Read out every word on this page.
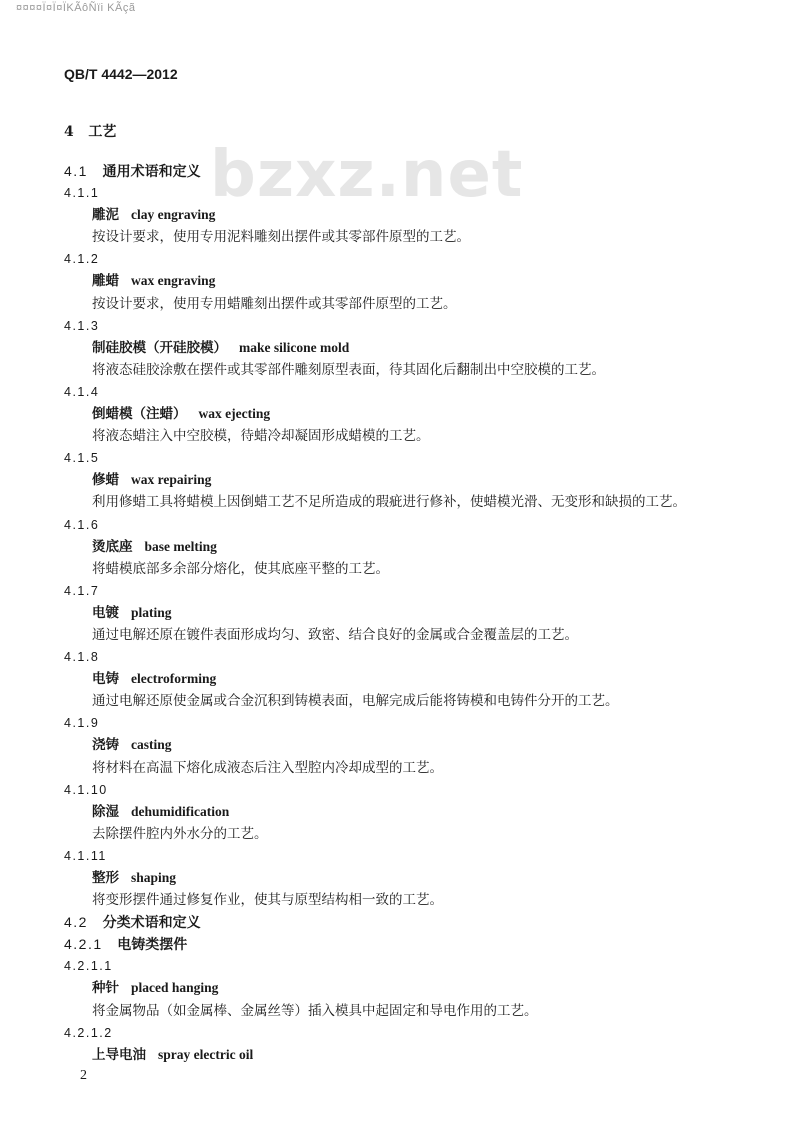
¤¤¤¤Ï¤Ï¤ÏKÃôÑïi KÃçã
QB/T 4442—2012
bzxz.net
4 工艺
4.1 通用术语和定义
4.1.1
雕泥 clay engraving
按设计要求，使用专用泥料雕刻出摆件或其零部件原型的工艺。
4.1.2
雕蜡 wax engraving
按设计要求，使用专用蜡雕刻出摆件或其零部件原型的工艺。
4.1.3
制硅胶模（开硅胶模） make silicone mold
将液态硅胶涂敷在摆件或其零部件雕刻原型表面，待其固化后翻制出中空胶模的工艺。
4.1.4
倒蜡模（注蜡） wax ejecting
将液态蜡注入中空胶模，待蜡冷却凝固形成蜡模的工艺。
4.1.5
修蜡 wax repairing
利用修蜡工具将蜡模上因倒蜡工艺不足所造成的瑕疵进行修补，使蜡模光滑、无变形和缺损的工艺。
4.1.6
烫底座 base melting
将蜡模底部多余部分熔化，使其底座平整的工艺。
4.1.7
电镀 plating
通过电解还原在镀件表面形成均匀、致密、结合良好的金属或合金覆盖层的工艺。
4.1.8
电铸 electroforming
通过电解还原使金属或合金沉积到铸模表面，电解完成后能将铸模和电铸件分开的工艺。
4.1.9
浇铸 casting
将材料在高温下熔化成液态后注入型腔内冷却成型的工艺。
4.1.10
除湿 dehumidification
去除摆件腔内外水分的工艺。
4.1.11
整形 shaping
将变形摆件通过修复作业，使其与原型结构相一致的工艺。
4.2 分类术语和定义
4.2.1 电铸类摆件
4.2.1.1
种针 placed hanging
将金属物品（如金属棒、金属丝等）插入模具中起固定和导电作用的工艺。
4.2.1.2
上导电油 spray electric oil
2
